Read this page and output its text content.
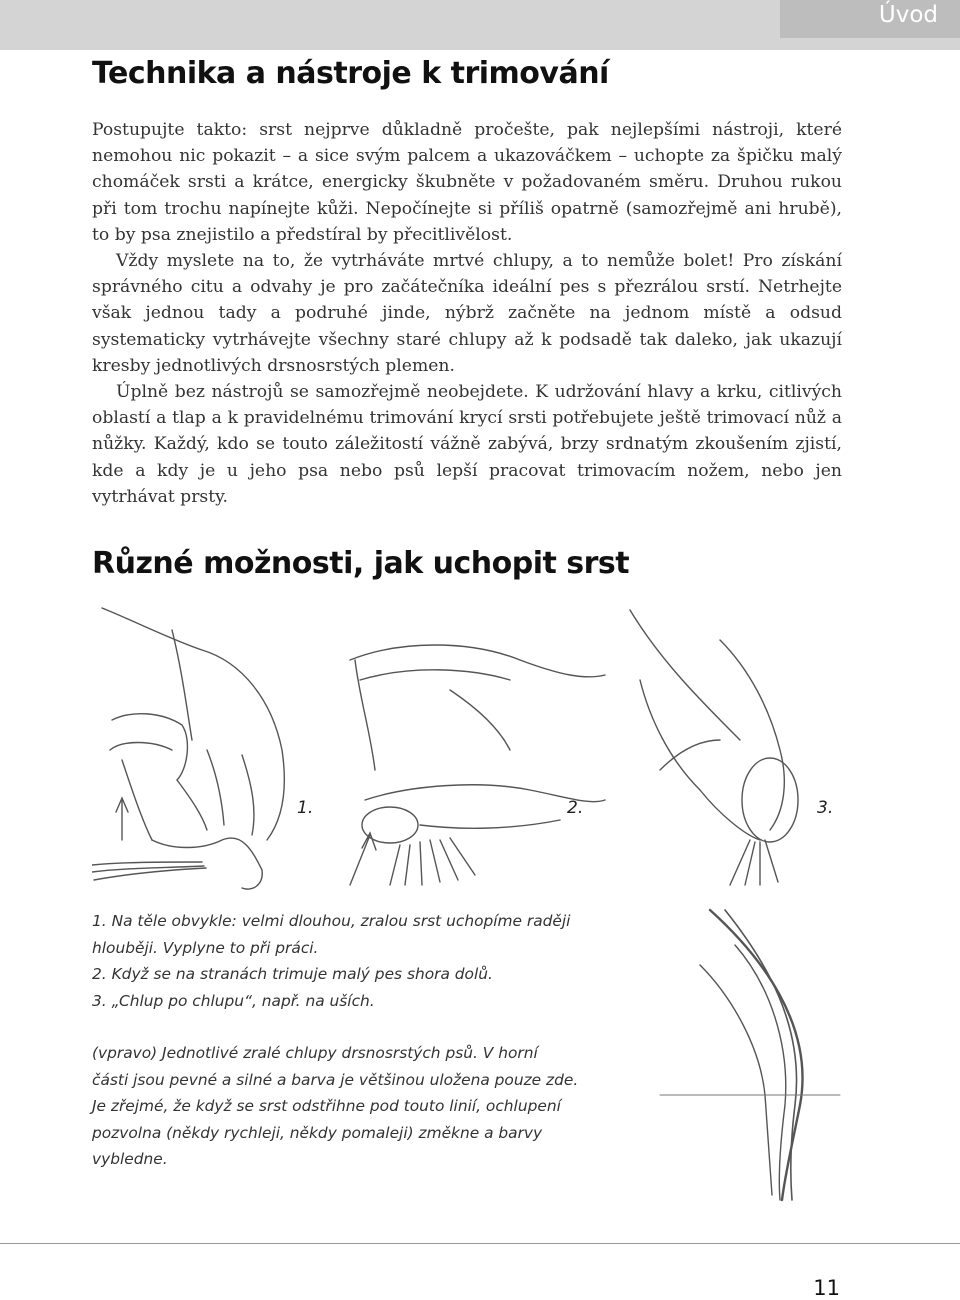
Úvod
Technika a nástroje k trimování

Postupujte takto: srst nejprve důkladně pročešte, pak nejlepšími nástroji, které nemohou nic pokazit – a sice svým palcem a ukazováčkem – uchopte za špičku malý chomáček srsti a krátce, energicky škubněte v požadovaném směru. Druhou rukou při tom trochu napínejte kůži. Nepočínejte si příliš opatrně (samozřejmě ani hrubě), to by psa znejistilo a předstíral by přecitlivělost.

Vždy myslete na to, že vytrháváte mrtvé chlupy, a to nemůže bolet! Pro získání správného citu a odvahy je pro začátečníka ideální pes s přezrálou srstí. Netrhejte však jednou tady a podruhé jinde, nýbrž začněte na jednom místě a odsud systematicky vytrhávejte všechny staré chlupy až k podsadě tak daleko, jak ukazují kresby jednotlivých drsnosrstých plemen.

Úplně bez nástrojů se samozřejmě neobejdete. K udržování hlavy a krku, citlivých oblastí a tlap a k pravidelnému trimování krycí srsti potřebujete ještě trimovací nůž a nůžky. Každý, kdo se touto záležitostí vážně zabývá, brzy srdnatým zkoušením zjistí, kde a kdy je u jeho psa nebo psů lepší pracovat trimovacím nožem, nebo jen vytrhávat prsty.

Různé možnosti, jak uchopit srst
1.	2.	3.
1. Na těle obvykle: velmi dlouhou, zralou srst uchopíme raději
hlouběji. Vyplyne to při práci.
2. Když se na stranách trimuje malý pes shora dolů.
3. „Chlup po chlupu“, např. na uších.
(vpravo) Jednotlivé zralé chlupy drsnosrstých psů. V horní
části jsou pevné a silné a barva je většinou uložena pouze zde.
Je zřejmé, že když se srst odstřihne pod touto linií, ochlupení
pozvolna (někdy rychleji, někdy pomaleji) změkne a barvy
vybledne.
11
